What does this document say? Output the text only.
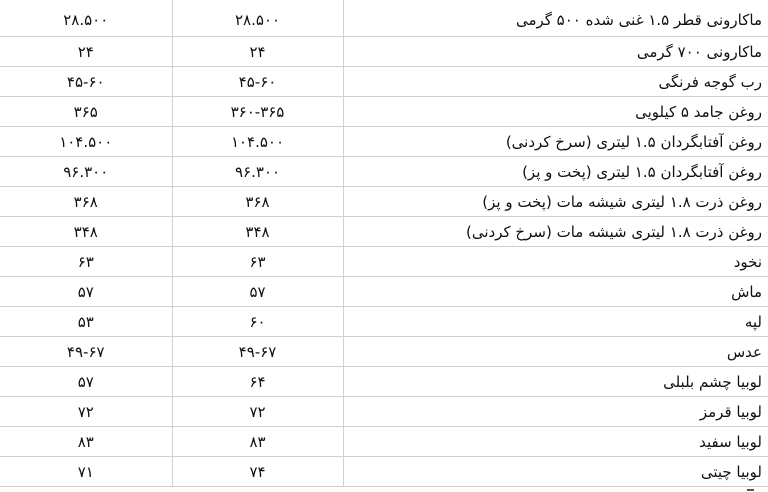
۲۸.۵۰۰	۲۸.۵۰۰	ماکارونی قطر ۱.۵ غنی شده ۵۰۰ گرمی
۲۴	۲۴	ماکارونی ۷۰۰ گرمی
۴۵-۶۰	۴۵-۶۰	رب گوجه فرنگی
۳۶۵	۳۶۰-۳۶۵	روغن جامد ۵ کیلویی
۱۰۴.۵۰۰	۱۰۴.۵۰۰	روغن آفتابگردان ۱.۵ لیتری (سرخ کردنی)
۹۶.۳۰۰	۹۶.۳۰۰	روغن آفتابگردان ۱.۵ لیتری (پخت و پز)
۳۶۸	۳۶۸	روغن ذرت ۱.۸ لیتری شیشه مات (پخت و پز)
۳۴۸	۳۴۸	روغن ذرت ۱.۸ لیتری شیشه مات (سرخ کردنی)
۶۳	۶۳	نخود
۵۷	۵۷	ماش
۵۳	۶۰	لپه
۴۹-۶۷	۴۹-۶۷	عدس
۵۷	۶۴	لوبیا چشم بلبلی
۷۲	۷۲	لوبیا قرمز
۸۳	۸۳	لوبیا سفید
۷۱	۷۴	لوبیا چیتی
